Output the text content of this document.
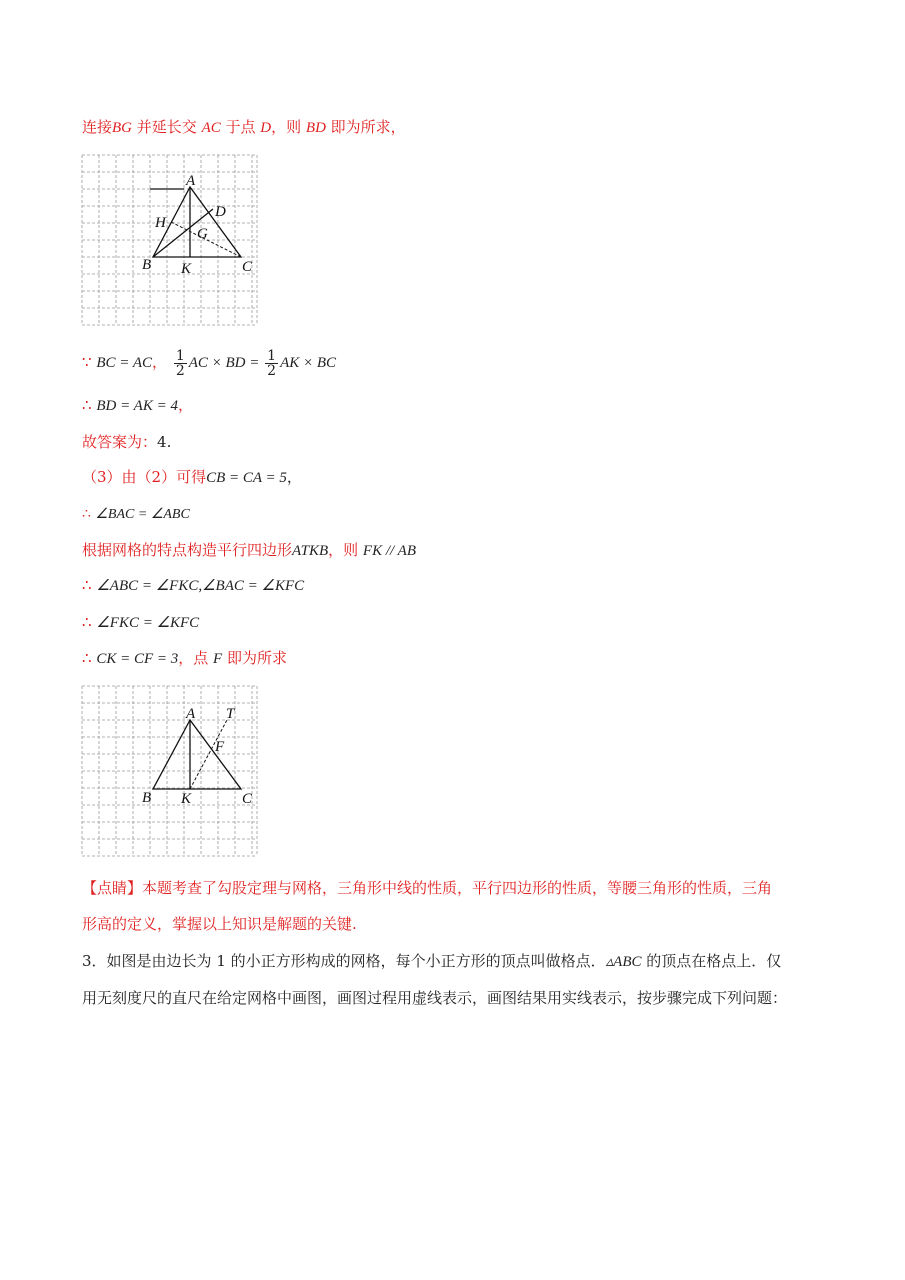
连接BG 并延长交 AC 于点 D，则 BD 即为所求，
A
D
H
G
B K	C
∵ BC = AC， $\frac{1}{2}$ AC × BD = $\frac{1}{2}$ AK × BC
∴ BD = AK = 4，
故答案为：4.
（3）由（2）可得CB = CA = 5，
∴ ∠BAC = ∠ABC
根据网格的特点构造平行四边形ATKB，则 FK // AB
∴ ∠ABC = ∠FKC,∠BAC = ∠KFC
∴ ∠FKC = ∠KFC
∴ CK = CF = 3，点 F 即为所求
A T
F
B K	C
【点睛】本题考查了勾股定理与网格，三角形中线的性质，平行四边形的性质，等腰三角形的性质，三角
形高的定义，掌握以上知识是解题的关键.
3．如图是由边长为 1 的小正方形构成的网格，每个小正方形的顶点叫做格点．▵ABC 的顶点在格点上．仅
用无刻度尺的直尺在给定网格中画图，画图过程用虚线表示，画图结果用实线表示，按步骤完成下列问题：
